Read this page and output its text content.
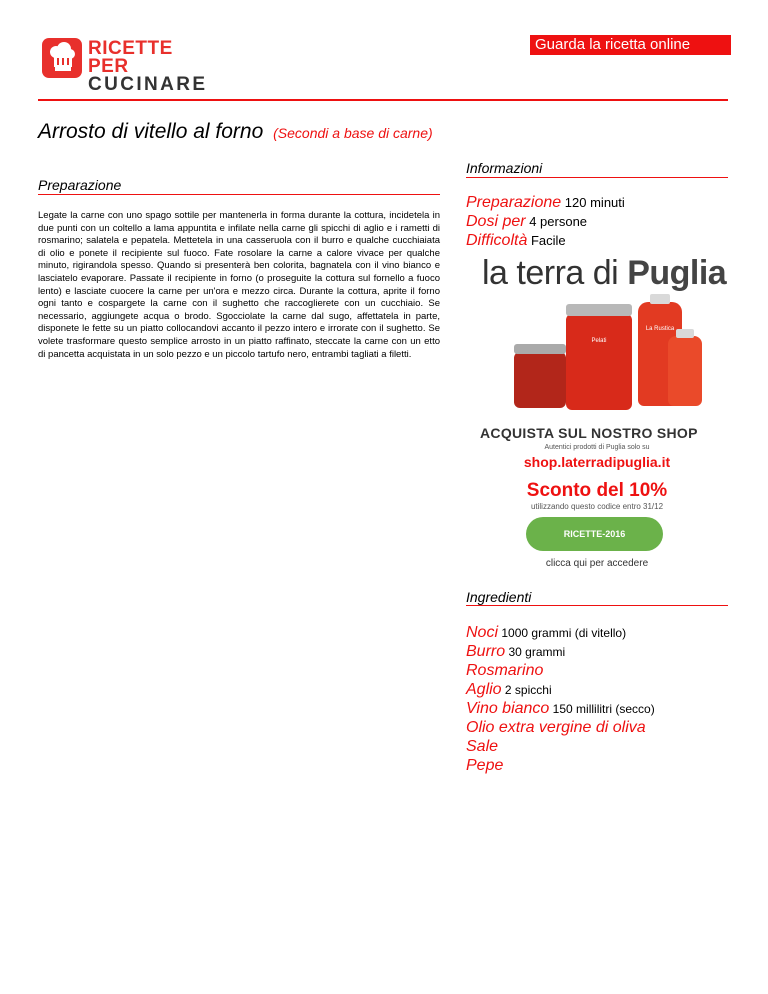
RICETTE PER
CUCINARE
Guarda la ricetta online
Arrosto di vitello al forno (Secondi a base di carne)
Preparazione
Legate la carne con uno spago sottile per mantenerla in forma durante la cottura, incidetela in due punti con un coltello a lama appuntita e infilate nella carne gli spicchi di aglio e i rametti di rosmarino; salatela e pepatela. Mettetela in una casseruola con il burro e qualche cucchiaiata di olio e ponete il recipiente sul fuoco. Fate rosolare la carne a calore vivace per qualche minuto, rigirandola spesso. Quando si presenterà ben colorita, bagnatela con il vino bianco e lasciatelo evaporare. Passate il recipiente in forno (o proseguite la cottura sul fornello a fuoco lento) e lasciate cuocere la carne per un'ora e mezzo circa. Durante la cottura, aprite il forno ogni tanto e cospargete la carne con il sughetto che raccoglierete con un cucchiaio. Se necessario, aggiungete acqua o brodo. Sgocciolate la carne dal sugo, affettatela in parte, disponete le fette su un piatto collocandovi accanto il pezzo intero e irrorate con il sughetto. Se volete trasformare questo semplice arrosto in un piatto raffinato, steccate la carne con un etto di pancetta acquistata in un solo pezzo e un piccolo tartufo nero, entrambi tagliati a filetti.
Informazioni
Preparazione 120 minuti
Dosi per 4 persone
Difficoltà Facile
la terra di Puglia
Pelati
La Rustica
ACQUISTA SUL NOSTRO SHOP
Autentici prodotti di Puglia solo su
shop.laterradipuglia.it
Sconto del 10%
utilizzando questo codice entro 31/12
RICETTE-2016
clicca qui per accedere
Ingredienti
Noci 1000 grammi (di vitello)
Burro 30 grammi
Rosmarino
Aglio 2 spicchi
Vino bianco 150 millilitri (secco)
Olio extra vergine di oliva
Sale
Pepe
